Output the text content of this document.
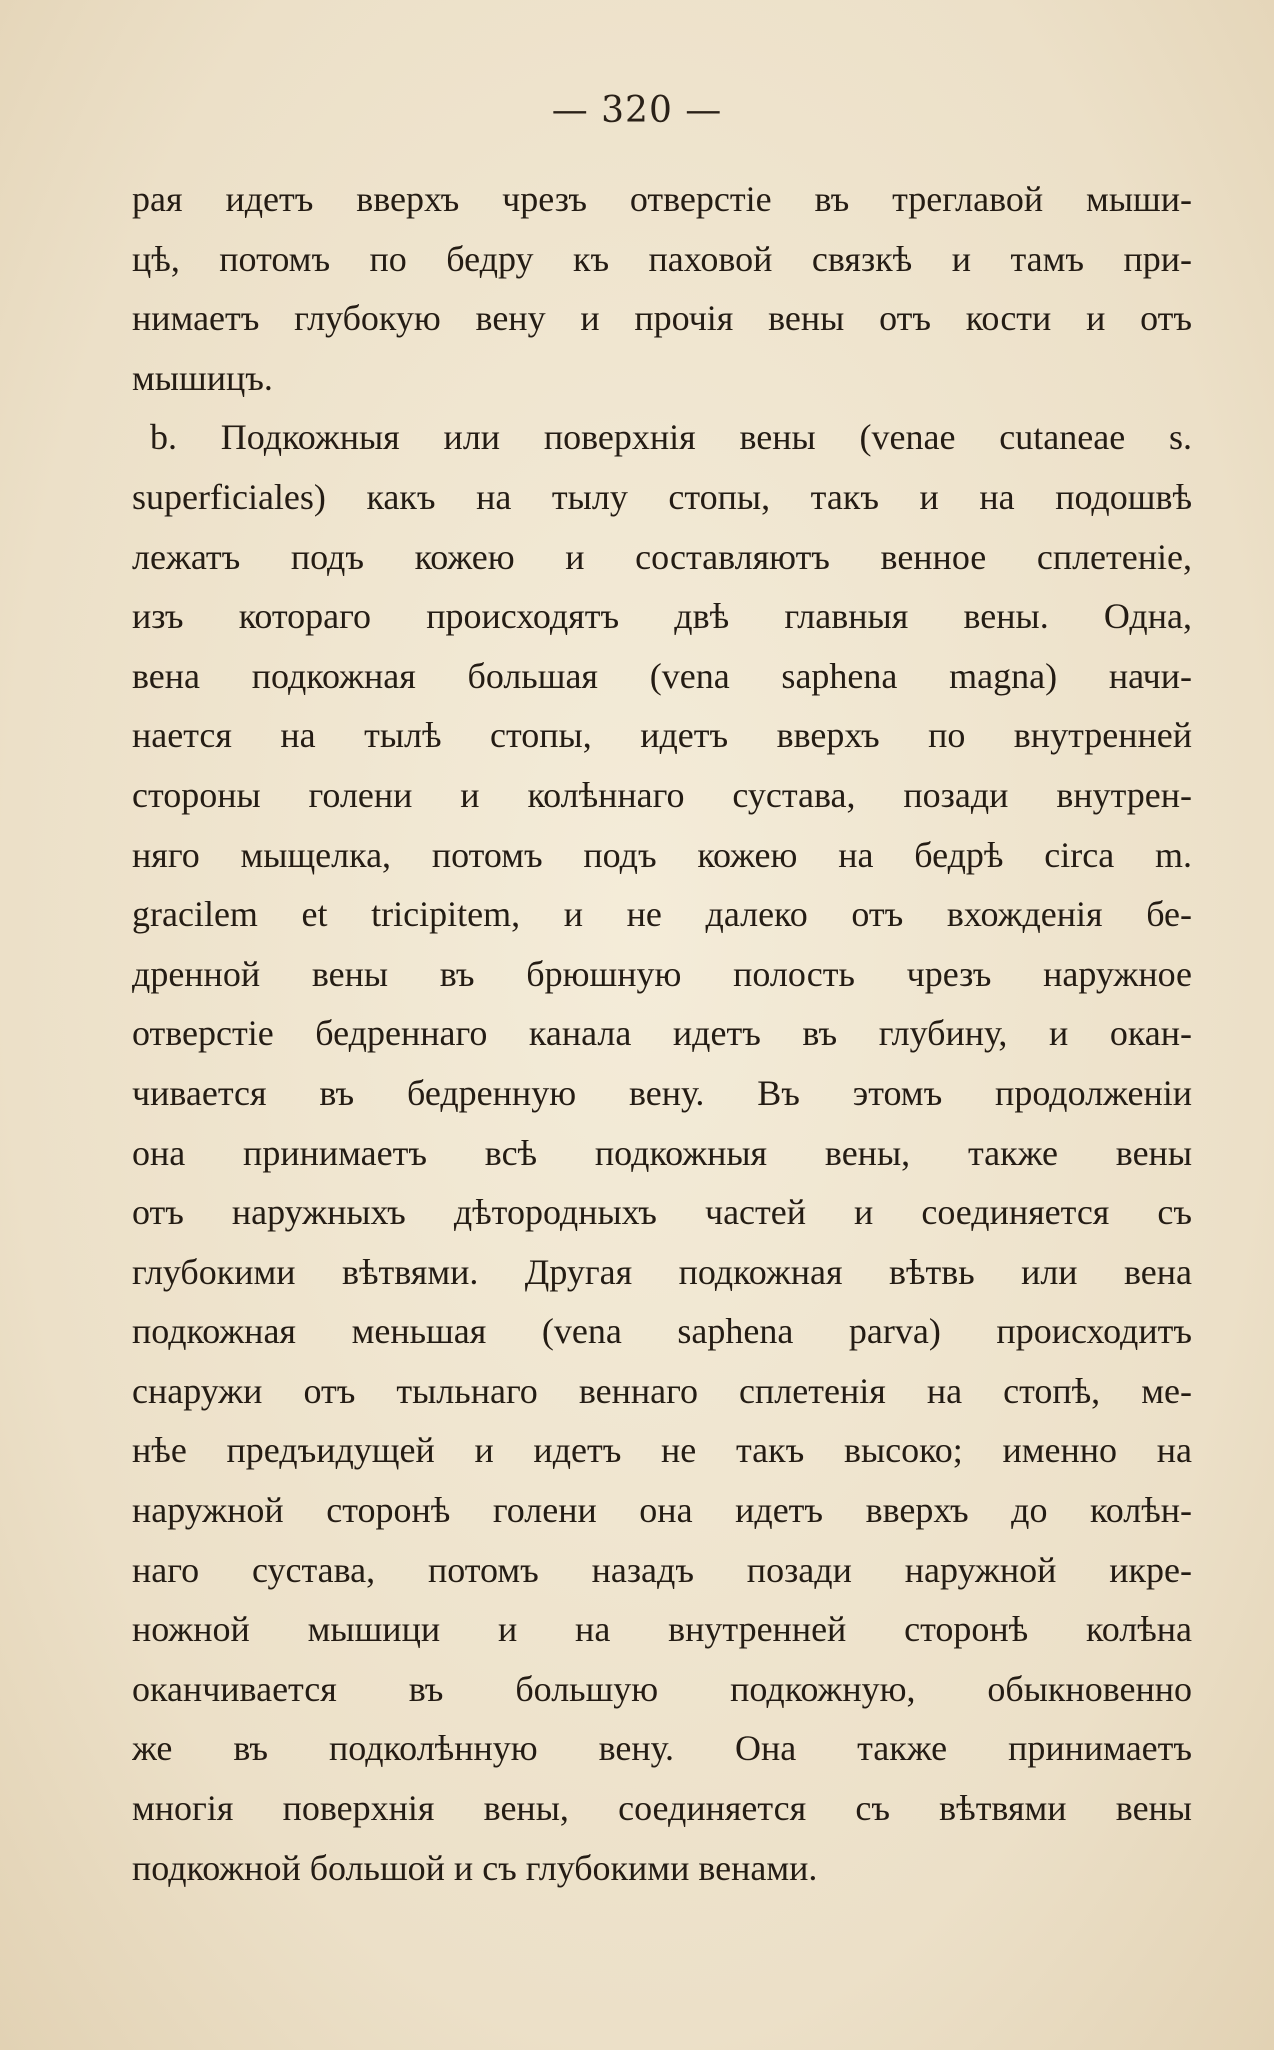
— 320 —
рая идетъ вверхъ чрезъ отверстіе въ треглавой мыши-
цѣ, потомъ по бедру къ паховой связкѣ и тамъ при-
нимаетъ глубокую вену и прочія вены отъ кости и отъ
мышицъ.
b. Подкожныя или поверхнія вены (venae cutaneae s.
superficiales) какъ на тылу стопы, такъ и на подошвѣ
лежатъ подъ кожею и составляютъ венное сплетеніе,
изъ котораго происходятъ двѣ главныя вены. Одна,
вена подкожная большая (vena saphena magna) начи-
нается на тылѣ стопы, идетъ вверхъ по внутренней
стороны голени и колѣннаго сустава, позади внутрен-
няго мыщелка, потомъ подъ кожею на бедрѣ circa m.
gracilem et tricipitem, и не далеко отъ вхожденія бе-
дренной вены въ брюшную полость чрезъ наружное
отверстіе бедреннаго канала идетъ въ глубину, и окан-
чивается въ бедренную вену. Въ этомъ продолженіи
она принимаетъ всѣ подкожныя вены, также вены
отъ наружныхъ дѣтородныхъ частей и соединяется съ
глубокими вѣтвями. Другая подкожная вѣтвь или вена
подкожная меньшая (vena saphena parva) происходитъ
снаружи отъ тыльнаго веннаго сплетенія на стопѣ, ме-
нѣе предъидущей и идетъ не такъ высоко; именно на
наружной сторонѣ голени она идетъ вверхъ до колѣн-
наго сустава, потомъ назадъ позади наружной икре-
ножной мышици и на внутренней сторонѣ колѣна
оканчивается въ большую подкожную, обыкновенно
же въ подколѣнную вену. Она также принимаетъ
многія поверхнія вены, соединяется съ вѣтвями вены
подкожной большой и съ глубокими венами.
